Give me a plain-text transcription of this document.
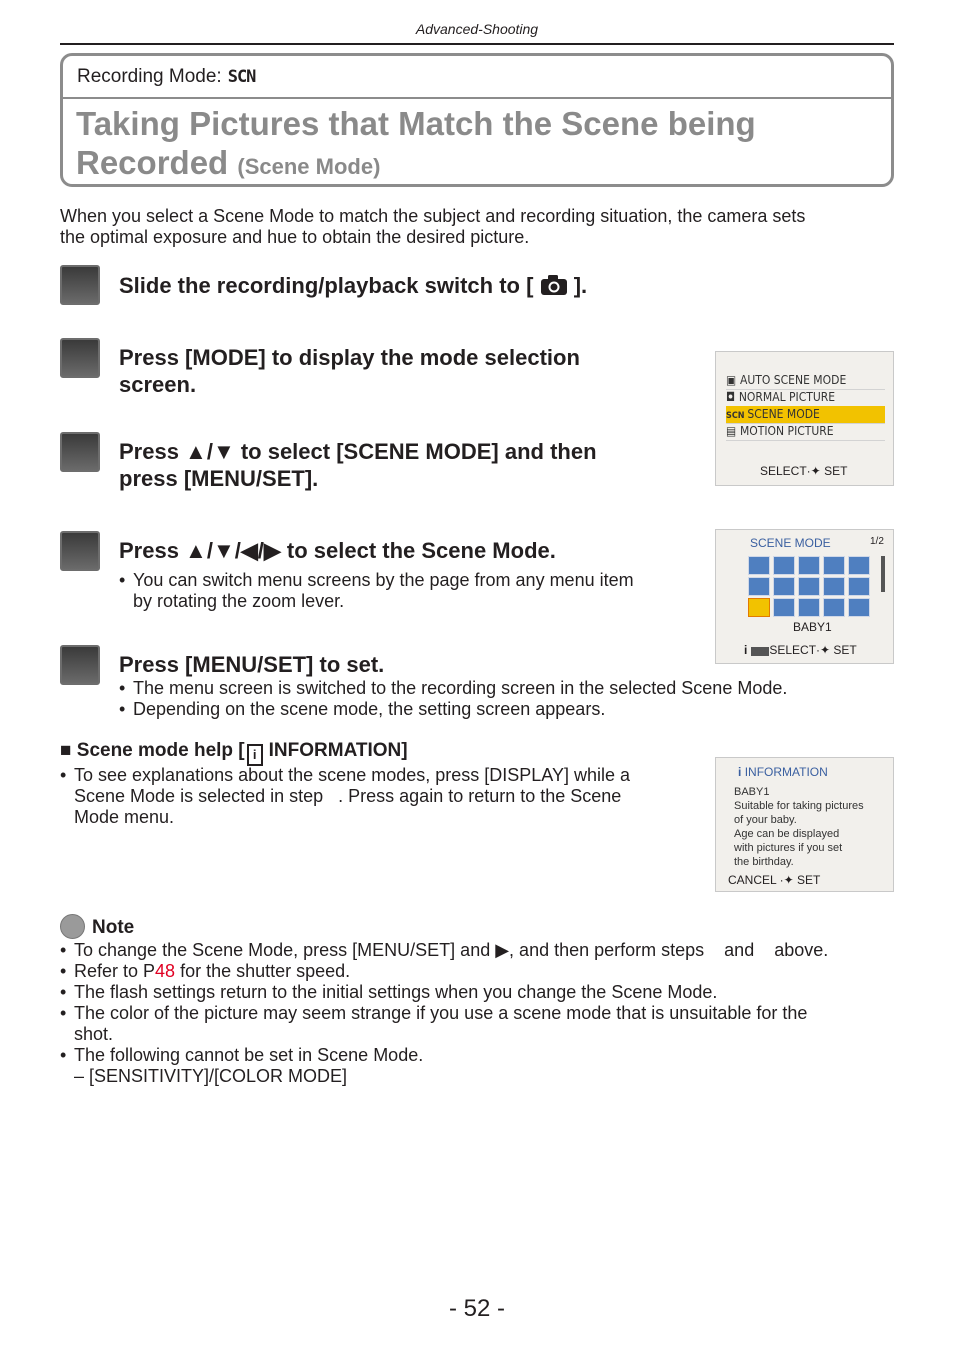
Advanced-Shooting
Recording Mode: SCN
Taking Pictures that Match the Scene being
Recorded (Scene Mode)
When you select a Scene Mode to match the subject and recording situation, the camera sets
the optimal exposure and hue to obtain the desired picture.
Slide the recording/playback switch to [ ].
Press [MODE] to display the mode selection
screen.
Press ▲/▼ to select [SCENE MODE] and then
press [MENU/SET].
▣ AUTO SCENE MODE
◘ NORMAL PICTURE
SCN SCENE MODE
▤ MOTION PICTURE
SELECT·✦ SET
Press ▲/▼/◀/▶ to select the Scene Mode.
• You can switch menu screens by the page from any menu item
by rotating the zoom lever.
SCENE MODE	1/2
BABY1
i DISPSELECT·✦ SET
Press [MENU/SET] to set.
• The menu screen is switched to the recording screen in the selected Scene Mode.
• Depending on the scene mode, the setting screen appears.
■ Scene mode help [ i INFORMATION]
• To see explanations about the scene modes, press [DISPLAY] while a
Scene Mode is selected in step   . Press again to return to the Scene
Mode menu.
i INFORMATION
BABY1
Suitable for taking pictures
of your baby.
Age can be displayed
with pictures if you set
the birthday.
CANCEL ·✦ SET
Note
• To change the Scene Mode, press [MENU/SET] and ▶, and then perform steps    and    above.
• Refer to P48 for the shutter speed.
• The flash settings return to the initial settings when you change the Scene Mode.
• The color of the picture may seem strange if you use a scene mode that is unsuitable for the
shot.
• The following cannot be set in Scene Mode.
– [SENSITIVITY]/[COLOR MODE]
- 52 -
